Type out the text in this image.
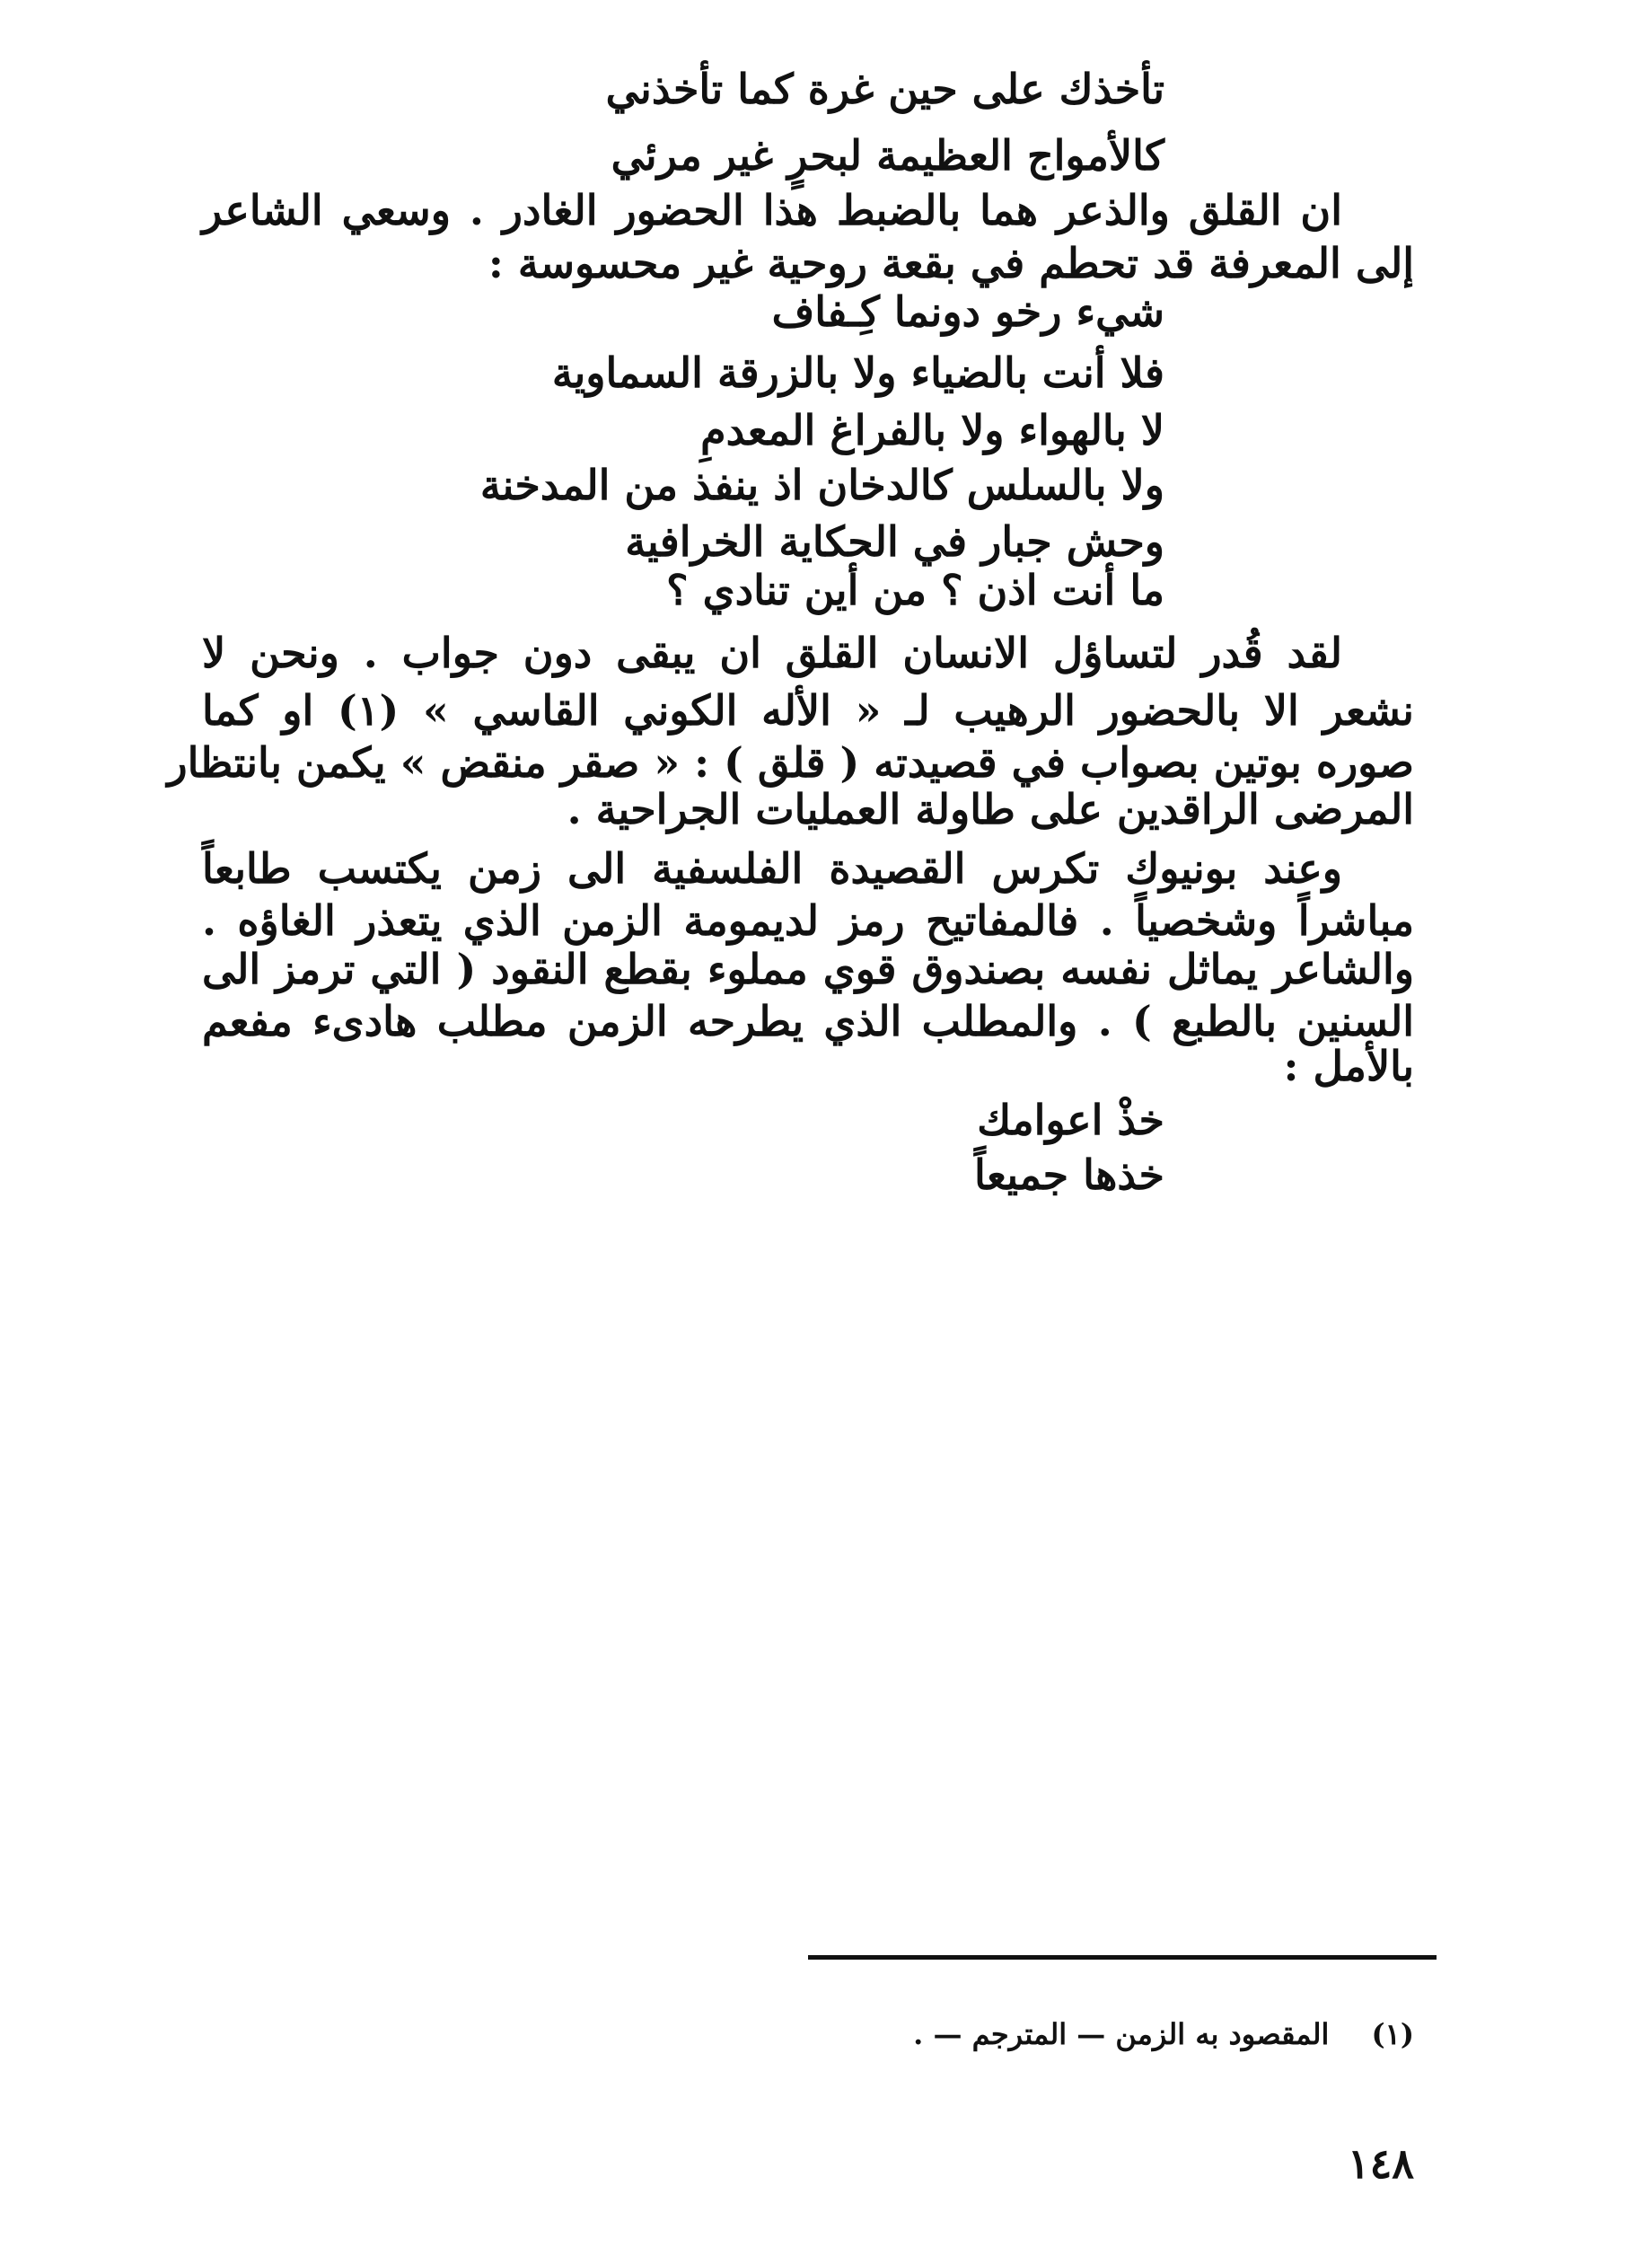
تأخذك على حين غرة كما تأخذني
كالأمواج العظيمة لبحرٍ غير مرئي
ان القلق والذعر هما بالضبط هذا الحضور الغادر . وسعي الشاعر
إلى المعرفة قد تحطم في بقعة روحية غير محسوسة :
شيء رخو دونما كِـفاف
فلا أنت بالضياء ولا بالزرقة السماوية
لا بالهواء ولا بالفراغ المعدمِ
ولا بالسلس كالدخان اذ ينفذ من المدخنة
وحش جبار في الحكاية الخرافية
ما أنت اذن ؟ من أين تنادي ؟
لقد قُدر لتساؤل الانسان القلق ان يبقى دون جواب . ونحن لا
نشعر الا بالحضور الرهيب لـ « الأله الكوني القاسي » (١) او كما
صوره بوتين بصواب في قصيدته ( قلق ) : « صقر منقض » يكمن بانتظار
المرضى الراقدين على طاولة العمليات الجراحية .
وعند بونيوك تكرس القصيدة الفلسفية الى زمن يكتسب طابعاً
مباشراً وشخصياً . فالمفاتيح رمز لديمومة الزمن الذي يتعذر الغاؤه .
والشاعر يماثل نفسه بصندوق قوي مملوء بقطع النقود ( التي ترمز الى
السنين بالطبع ) . والمطلب الذي يطرحه الزمن مطلب هادىء مفعم
بالأمل :
خذْ اعوامك
خذها جميعاً
(١) المقصود به الزمن — المترجم — .
١٤٨
